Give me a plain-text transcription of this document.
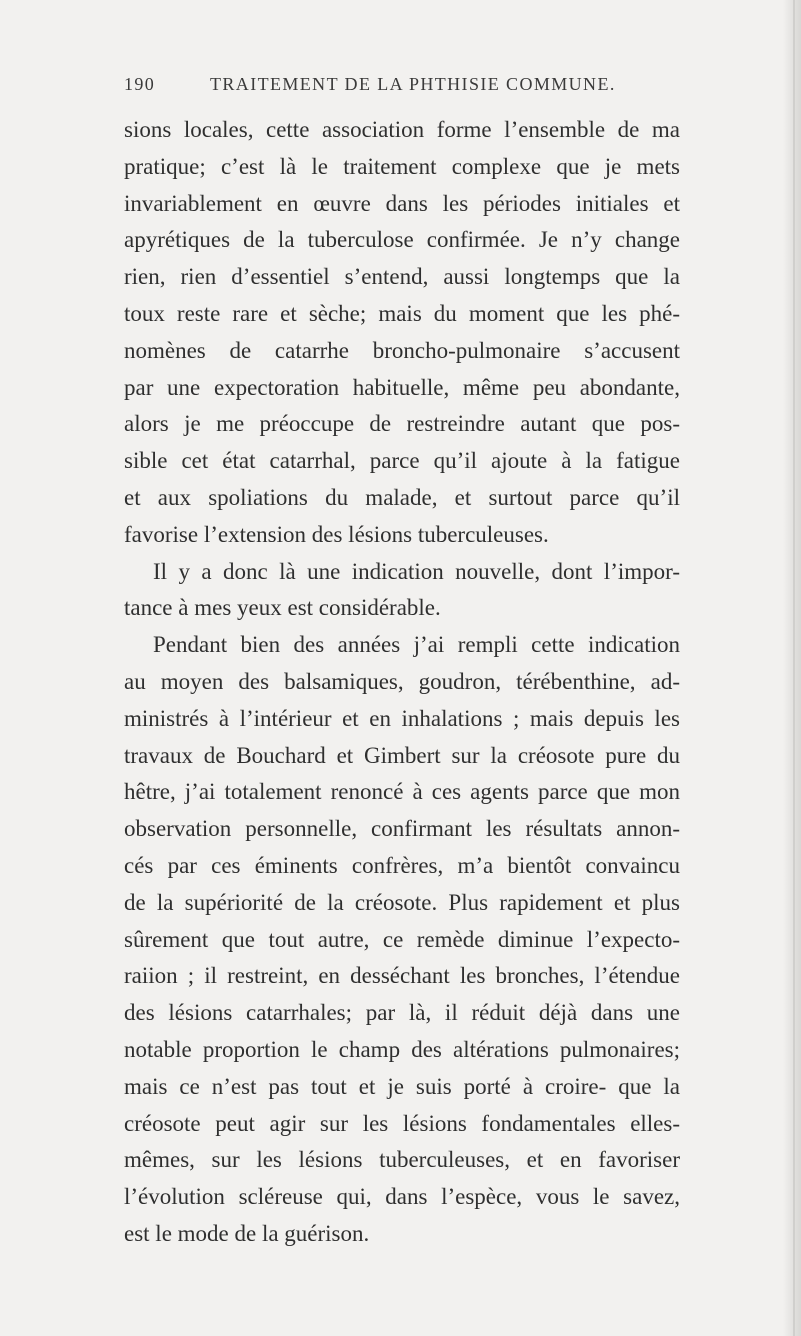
190	TRAITEMENT DE LA PHTHISIE COMMUNE.
sions locales, cette association forme l’ensemble de ma
pratique; c’est là le traitement complexe que je mets
invariablement en œuvre dans les périodes initiales et
apyrétiques de la tuberculose confirmée. Je n’y change
rien, rien d’essentiel s’entend, aussi longtemps que la
toux reste rare et sèche; mais du moment que les phé-
nomènes de catarrhe broncho-pulmonaire s’accusent
par une expectoration habituelle, même peu abondante,
alors je me préoccupe de restreindre autant que pos-
sible cet état catarrhal, parce qu’il ajoute à la fatigue
et aux spoliations du malade, et surtout parce qu’il
favorise l’extension des lésions tuberculeuses.
Il y a donc là une indication nouvelle, dont l’impor-
tance à mes yeux est considérable.
Pendant bien des années j’ai rempli cette indication
au moyen des balsamiques, goudron, térébenthine, ad-
ministrés à l’intérieur et en inhalations ; mais depuis les
travaux de Bouchard et Gimbert sur la créosote pure du
hêtre, j’ai totalement renoncé à ces agents parce que mon
observation personnelle, confirmant les résultats annon-
cés par ces éminents confrères, m’a bientôt convaincu
de la supériorité de la créosote. Plus rapidement et plus
sûrement que tout autre, ce remède diminue l’expecto-
raiion ; il restreint, en desséchant les bronches, l’étendue
des lésions catarrhales; par là, il réduit déjà dans une
notable proportion le champ des altérations pulmonaires;
mais ce n’est pas tout et je suis porté à croire- que la
créosote peut agir sur les lésions fondamentales elles-
mêmes, sur les lésions tuberculeuses, et en favoriser
l’évolution scléreuse qui, dans l’espèce, vous le savez,
est le mode de la guérison.
